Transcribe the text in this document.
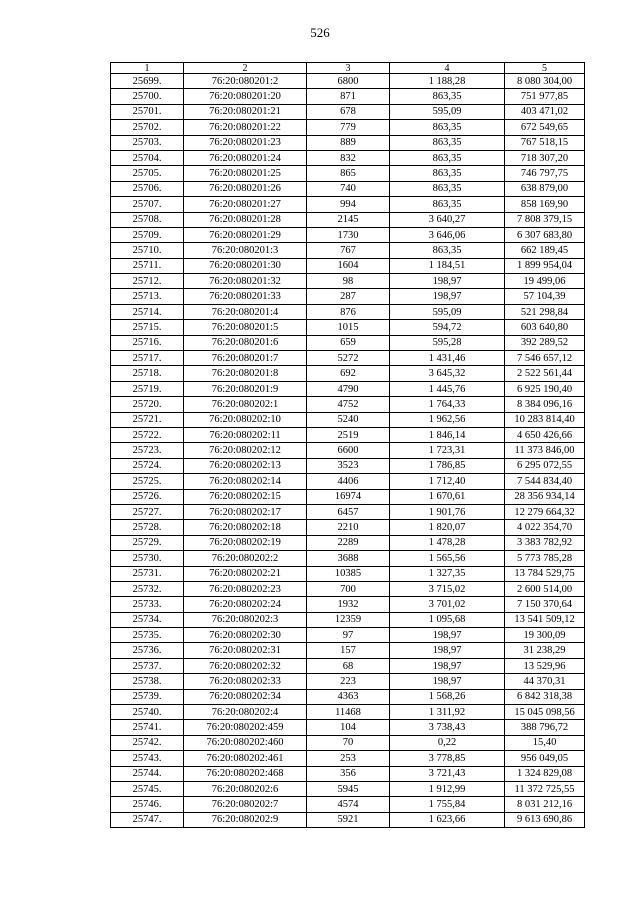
526
1	2	3	4	5
25699.	76:20:080201:2	6800	1 188,28	8 080 304,00
25700.	76:20:080201:20	871	863,35	751 977,85
25701.	76:20:080201:21	678	595,09	403 471,02
25702.	76:20:080201:22	779	863,35	672 549,65
25703.	76:20:080201:23	889	863,35	767 518,15
25704.	76:20:080201:24	832	863,35	718 307,20
25705.	76:20:080201:25	865	863,35	746 797,75
25706.	76:20:080201:26	740	863,35	638 879,00
25707.	76:20:080201:27	994	863,35	858 169,90
25708.	76:20:080201:28	2145	3 640,27	7 808 379,15
25709.	76:20:080201:29	1730	3 646,06	6 307 683,80
25710.	76:20:080201:3	767	863,35	662 189,45
25711.	76:20:080201:30	1604	1 184,51	1 899 954,04
25712.	76:20:080201:32	98	198,97	19 499,06
25713.	76:20:080201:33	287	198,97	57 104,39
25714.	76:20:080201:4	876	595,09	521 298,84
25715.	76:20:080201:5	1015	594,72	603 640,80
25716.	76:20:080201:6	659	595,28	392 289,52
25717.	76:20:080201:7	5272	1 431,46	7 546 657,12
25718.	76:20:080201:8	692	3 645,32	2 522 561,44
25719.	76:20:080201:9	4790	1 445,76	6 925 190,40
25720.	76:20:080202:1	4752	1 764,33	8 384 096,16
25721.	76:20:080202:10	5240	1 962,56	10 283 814,40
25722.	76:20:080202:11	2519	1 846,14	4 650 426,66
25723.	76:20:080202:12	6600	1 723,31	11 373 846,00
25724.	76:20:080202:13	3523	1 786,85	6 295 072,55
25725.	76:20:080202:14	4406	1 712,40	7 544 834,40
25726.	76:20:080202:15	16974	1 670,61	28 356 934,14
25727.	76:20:080202:17	6457	1 901,76	12 279 664,32
25728.	76:20:080202:18	2210	1 820,07	4 022 354,70
25729.	76:20:080202:19	2289	1 478,28	3 383 782,92
25730.	76:20:080202:2	3688	1 565,56	5 773 785,28
25731.	76:20:080202:21	10385	1 327,35	13 784 529,75
25732.	76:20:080202:23	700	3 715,02	2 600 514,00
25733.	76:20:080202:24	1932	3 701,02	7 150 370,64
25734.	76:20:080202:3	12359	1 095,68	13 541 509,12
25735.	76:20:080202:30	97	198,97	19 300,09
25736.	76:20:080202:31	157	198,97	31 238,29
25737.	76:20:080202:32	68	198,97	13 529,96
25738.	76:20:080202:33	223	198,97	44 370,31
25739.	76:20:080202:34	4363	1 568,26	6 842 318,38
25740.	76:20:080202:4	11468	1 311,92	15 045 098,56
25741.	76:20:080202:459	104	3 738,43	388 796,72
25742.	76:20:080202:460	70	0,22	15,40
25743.	76:20:080202:461	253	3 778,85	956 049,05
25744.	76:20:080202:468	356	3 721,43	1 324 829,08
25745.	76:20:080202:6	5945	1 912,99	11 372 725,55
25746.	76:20:080202:7	4574	1 755,84	8 031 212,16
25747.	76:20:080202:9	5921	1 623,66	9 613 690,86
